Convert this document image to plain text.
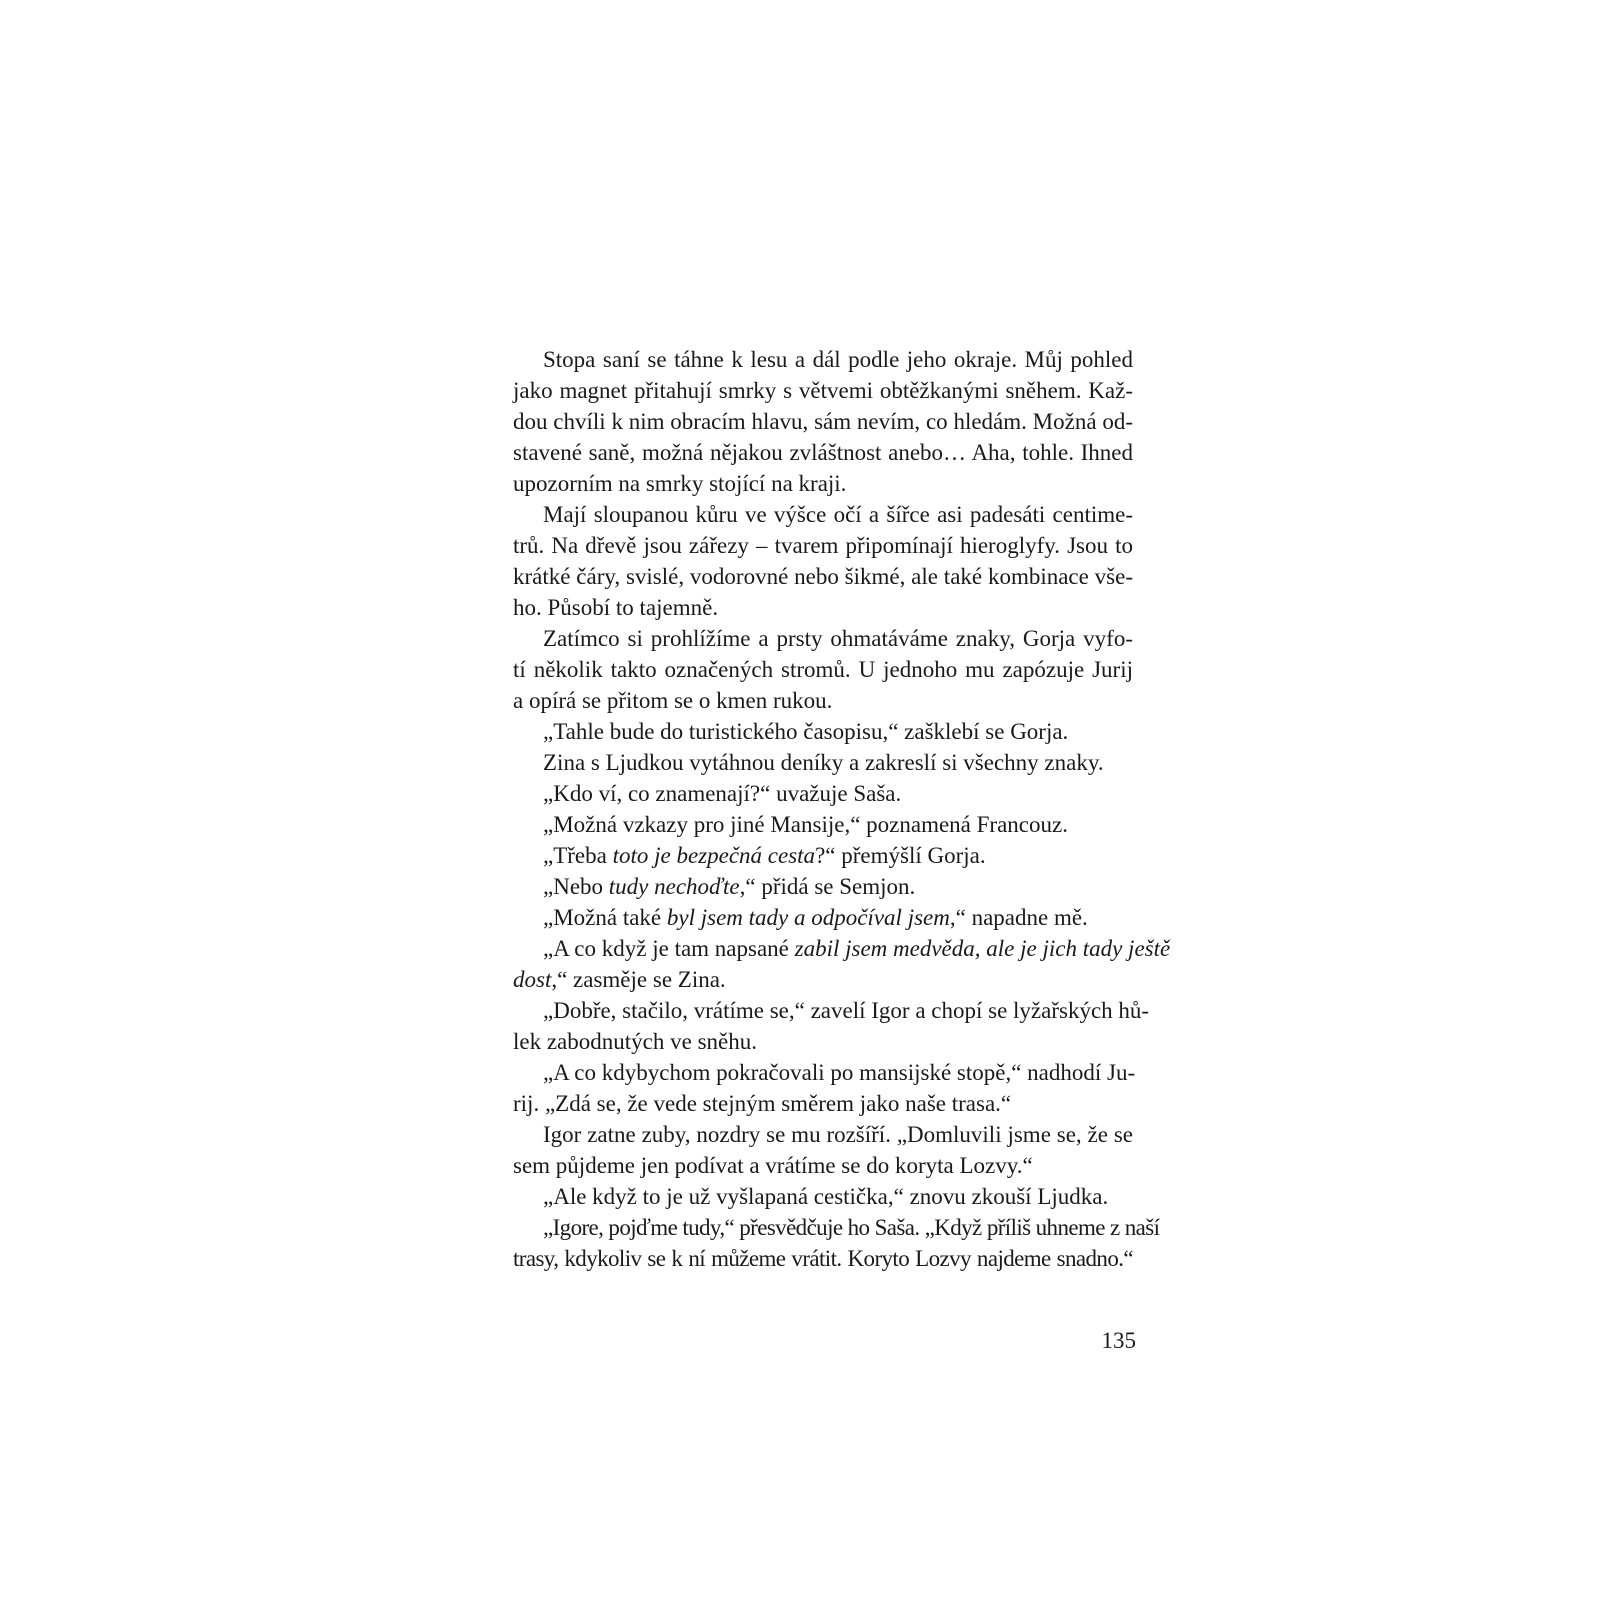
Stopa saní se táhne k lesu a dál podle jeho okraje. Můj pohled
jako magnet přitahují smrky s větvemi obtěžkanými sněhem. Kaž-
dou chvíli k nim obracím hlavu, sám nevím, co hledám. Možná od-
stavené saně, možná nějakou zvláštnost anebo… Aha, tohle. Ihned
upozorním na smrky stojící na kraji.
Mají sloupanou kůru ve výšce očí a šířce asi padesáti centime-
trů. Na dřevě jsou zářezy – tvarem připomínají hieroglyfy. Jsou to
krátké čáry, svislé, vodorovné nebo šikmé, ale také kombinace vše-
ho. Působí to tajemně.
Zatímco si prohlížíme a prsty ohmatáváme znaky, Gorja vyfo-
tí několik takto označených stromů. U jednoho mu zapózuje Jurij
a opírá se přitom se o kmen rukou.
„Tahle bude do turistického časopisu,“ zašklebí se Gorja.
Zina s Ljudkou vytáhnou deníky a zakreslí si všechny znaky.
„Kdo ví, co znamenají?“ uvažuje Saša.
„Možná vzkazy pro jiné Mansije,“ poznamená Francouz.
„Třeba toto je bezpečná cesta?“ přemýšlí Gorja.
„Nebo tudy nechoďte,“ přidá se Semjon.
„Možná také byl jsem tady a odpočíval jsem,“ napadne mě.
„A co když je tam napsané zabil jsem medvěda, ale je jich tady ještě
dost,“ zasměje se Zina.
„Dobře, stačilo, vrátíme se,“ zavelí Igor a chopí se lyžařských hů-
lek zabodnutých ve sněhu.
„A co kdybychom pokračovali po mansijské stopě,“ nadhodí Ju-
rij. „Zdá se, že vede stejným směrem jako naše trasa.“
Igor zatne zuby, nozdry se mu rozšíří. „Domluvili jsme se, že se
sem půjdeme jen podívat a vrátíme se do koryta Lozvy.“
„Ale když to je už vyšlapaná cestička,“ znovu zkouší Ljudka.
„Igore, pojďme tudy,“ přesvědčuje ho Saša. „Když příliš uhneme z naší
trasy, kdykoliv se k ní můžeme vrátit. Koryto Lozvy najdeme snadno.“
135
